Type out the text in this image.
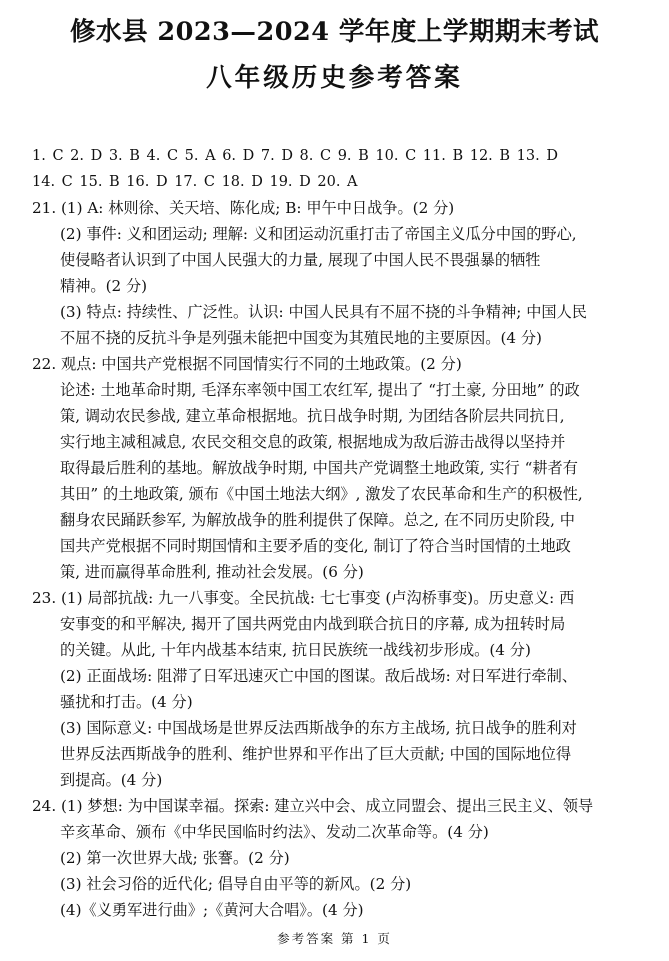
修水县 2023—2024 学年度上学期期末考试
八年级历史参考答案
1. C 2. D 3. B 4. C 5. A 6. D 7. D 8. C 9. B 10. C 11. B 12. B 13. D
14. C 15. B 16. D 17. C 18. D 19. D 20. A
21. (1) A: 林则徐、关天培、陈化成; B: 甲午中日战争。(2 分)
(2) 事件: 义和团运动; 理解: 义和团运动沉重打击了帝国主义瓜分中国的野心,
使侵略者认识到了中国人民强大的力量, 展现了中国人民不畏强暴的牺牲
精神。(2 分)
(3) 特点: 持续性、广泛性。认识: 中国人民具有不屈不挠的斗争精神; 中国人民
不屈不挠的反抗斗争是列强未能把中国变为其殖民地的主要原因。(4 分)
22. 观点: 中国共产党根据不同国情实行不同的土地政策。(2 分)
论述: 土地革命时期, 毛泽东率领中国工农红军, 提出了 “打土豪, 分田地” 的政
策, 调动农民参战, 建立革命根据地。抗日战争时期, 为团结各阶层共同抗日,
实行地主减租减息, 农民交租交息的政策, 根据地成为敌后游击战得以坚持并
取得最后胜利的基地。解放战争时期, 中国共产党调整土地政策, 实行 “耕者有
其田” 的土地政策, 颁布《中国土地法大纲》, 激发了农民革命和生产的积极性,
翻身农民踊跃参军, 为解放战争的胜利提供了保障。总之, 在不同历史阶段, 中
国共产党根据不同时期国情和主要矛盾的变化, 制订了符合当时国情的土地政
策, 进而赢得革命胜利, 推动社会发展。(6 分)
23. (1) 局部抗战: 九一八事变。全民抗战: 七七事变 (卢沟桥事变)。历史意义: 西
安事变的和平解决, 揭开了国共两党由内战到联合抗日的序幕, 成为扭转时局
的关键。从此, 十年内战基本结束, 抗日民族统一战线初步形成。(4 分)
(2) 正面战场: 阻滞了日军迅速灭亡中国的图谋。敌后战场: 对日军进行牵制、
骚扰和打击。(4 分)
(3) 国际意义: 中国战场是世界反法西斯战争的东方主战场, 抗日战争的胜利对
世界反法西斯战争的胜利、维护世界和平作出了巨大贡献; 中国的国际地位得
到提高。(4 分)
24. (1) 梦想: 为中国谋幸福。探索: 建立兴中会、成立同盟会、提出三民主义、领导
辛亥革命、颁布《中华民国临时约法》、发动二次革命等。(4 分)
(2) 第一次世界大战; 张謇。(2 分)
(3) 社会习俗的近代化; 倡导自由平等的新风。(2 分)
(4)《义勇军进行曲》;《黄河大合唱》。(4 分)
参考答案 第 1 页
